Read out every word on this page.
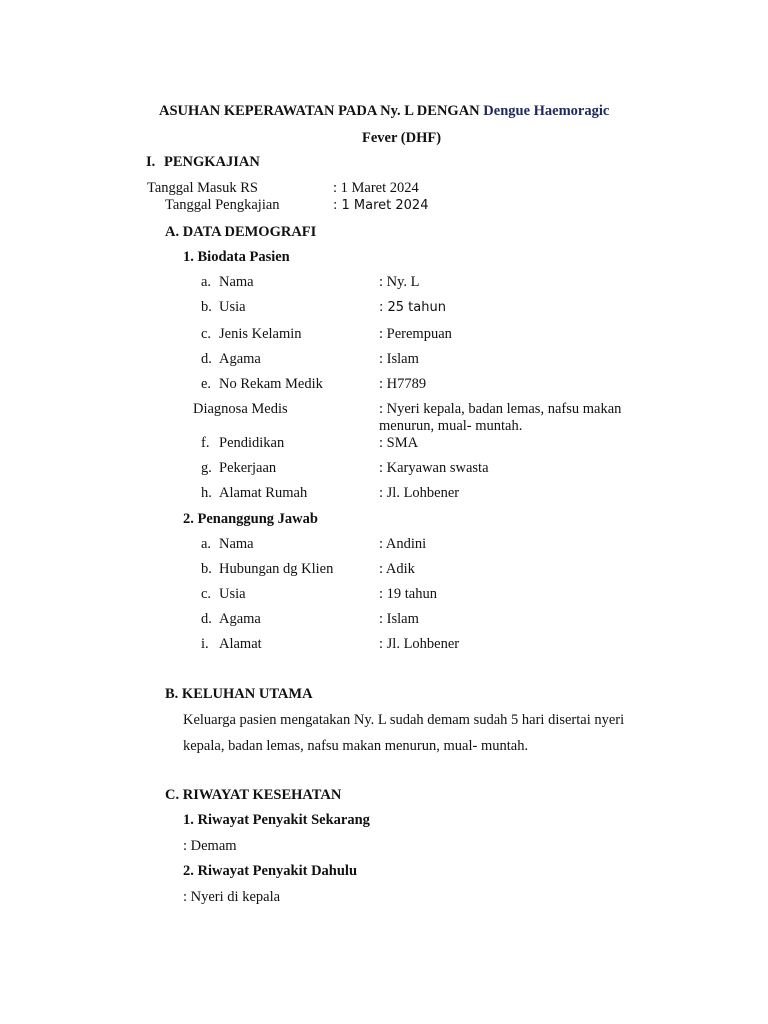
ASUHAN KEPERAWATAN PADA Ny. L DENGAN Dengue Haemoragic
Fever (DHF)
I. PENGKAJIAN
Tanggal Masuk RS	: 1 Maret 2024
Tanggal Pengkajian	: 1 Maret 2024
A. DATA DEMOGRAFI
1. Biodata Pasien
a. Nama	: Ny. L
b. Usia	: 25 tahun
c. Jenis Kelamin	: Perempuan
d. Agama	: Islam
e. No Rekam Medik	: H7789
Diagnosa Medis	: Nyeri kepala, badan lemas, nafsu makan
menurun, mual- muntah.
f. Pendidikan	: SMA
g. Pekerjaan	: Karyawan swasta
h. Alamat Rumah	: Jl. Lohbener
2. Penanggung Jawab
a. Nama	: Andini
b. Hubungan dg Klien	: Adik
c. Usia	: 19 tahun
d. Agama	: Islam
i. Alamat	: Jl. Lohbener
B. KELUHAN UTAMA
Keluarga pasien mengatakan Ny. L sudah demam sudah 5 hari disertai nyeri
kepala, badan lemas, nafsu makan menurun, mual- muntah.
C. RIWAYAT KESEHATAN
1. Riwayat Penyakit Sekarang
: Demam
2. Riwayat Penyakit Dahulu
: Nyeri di kepala
